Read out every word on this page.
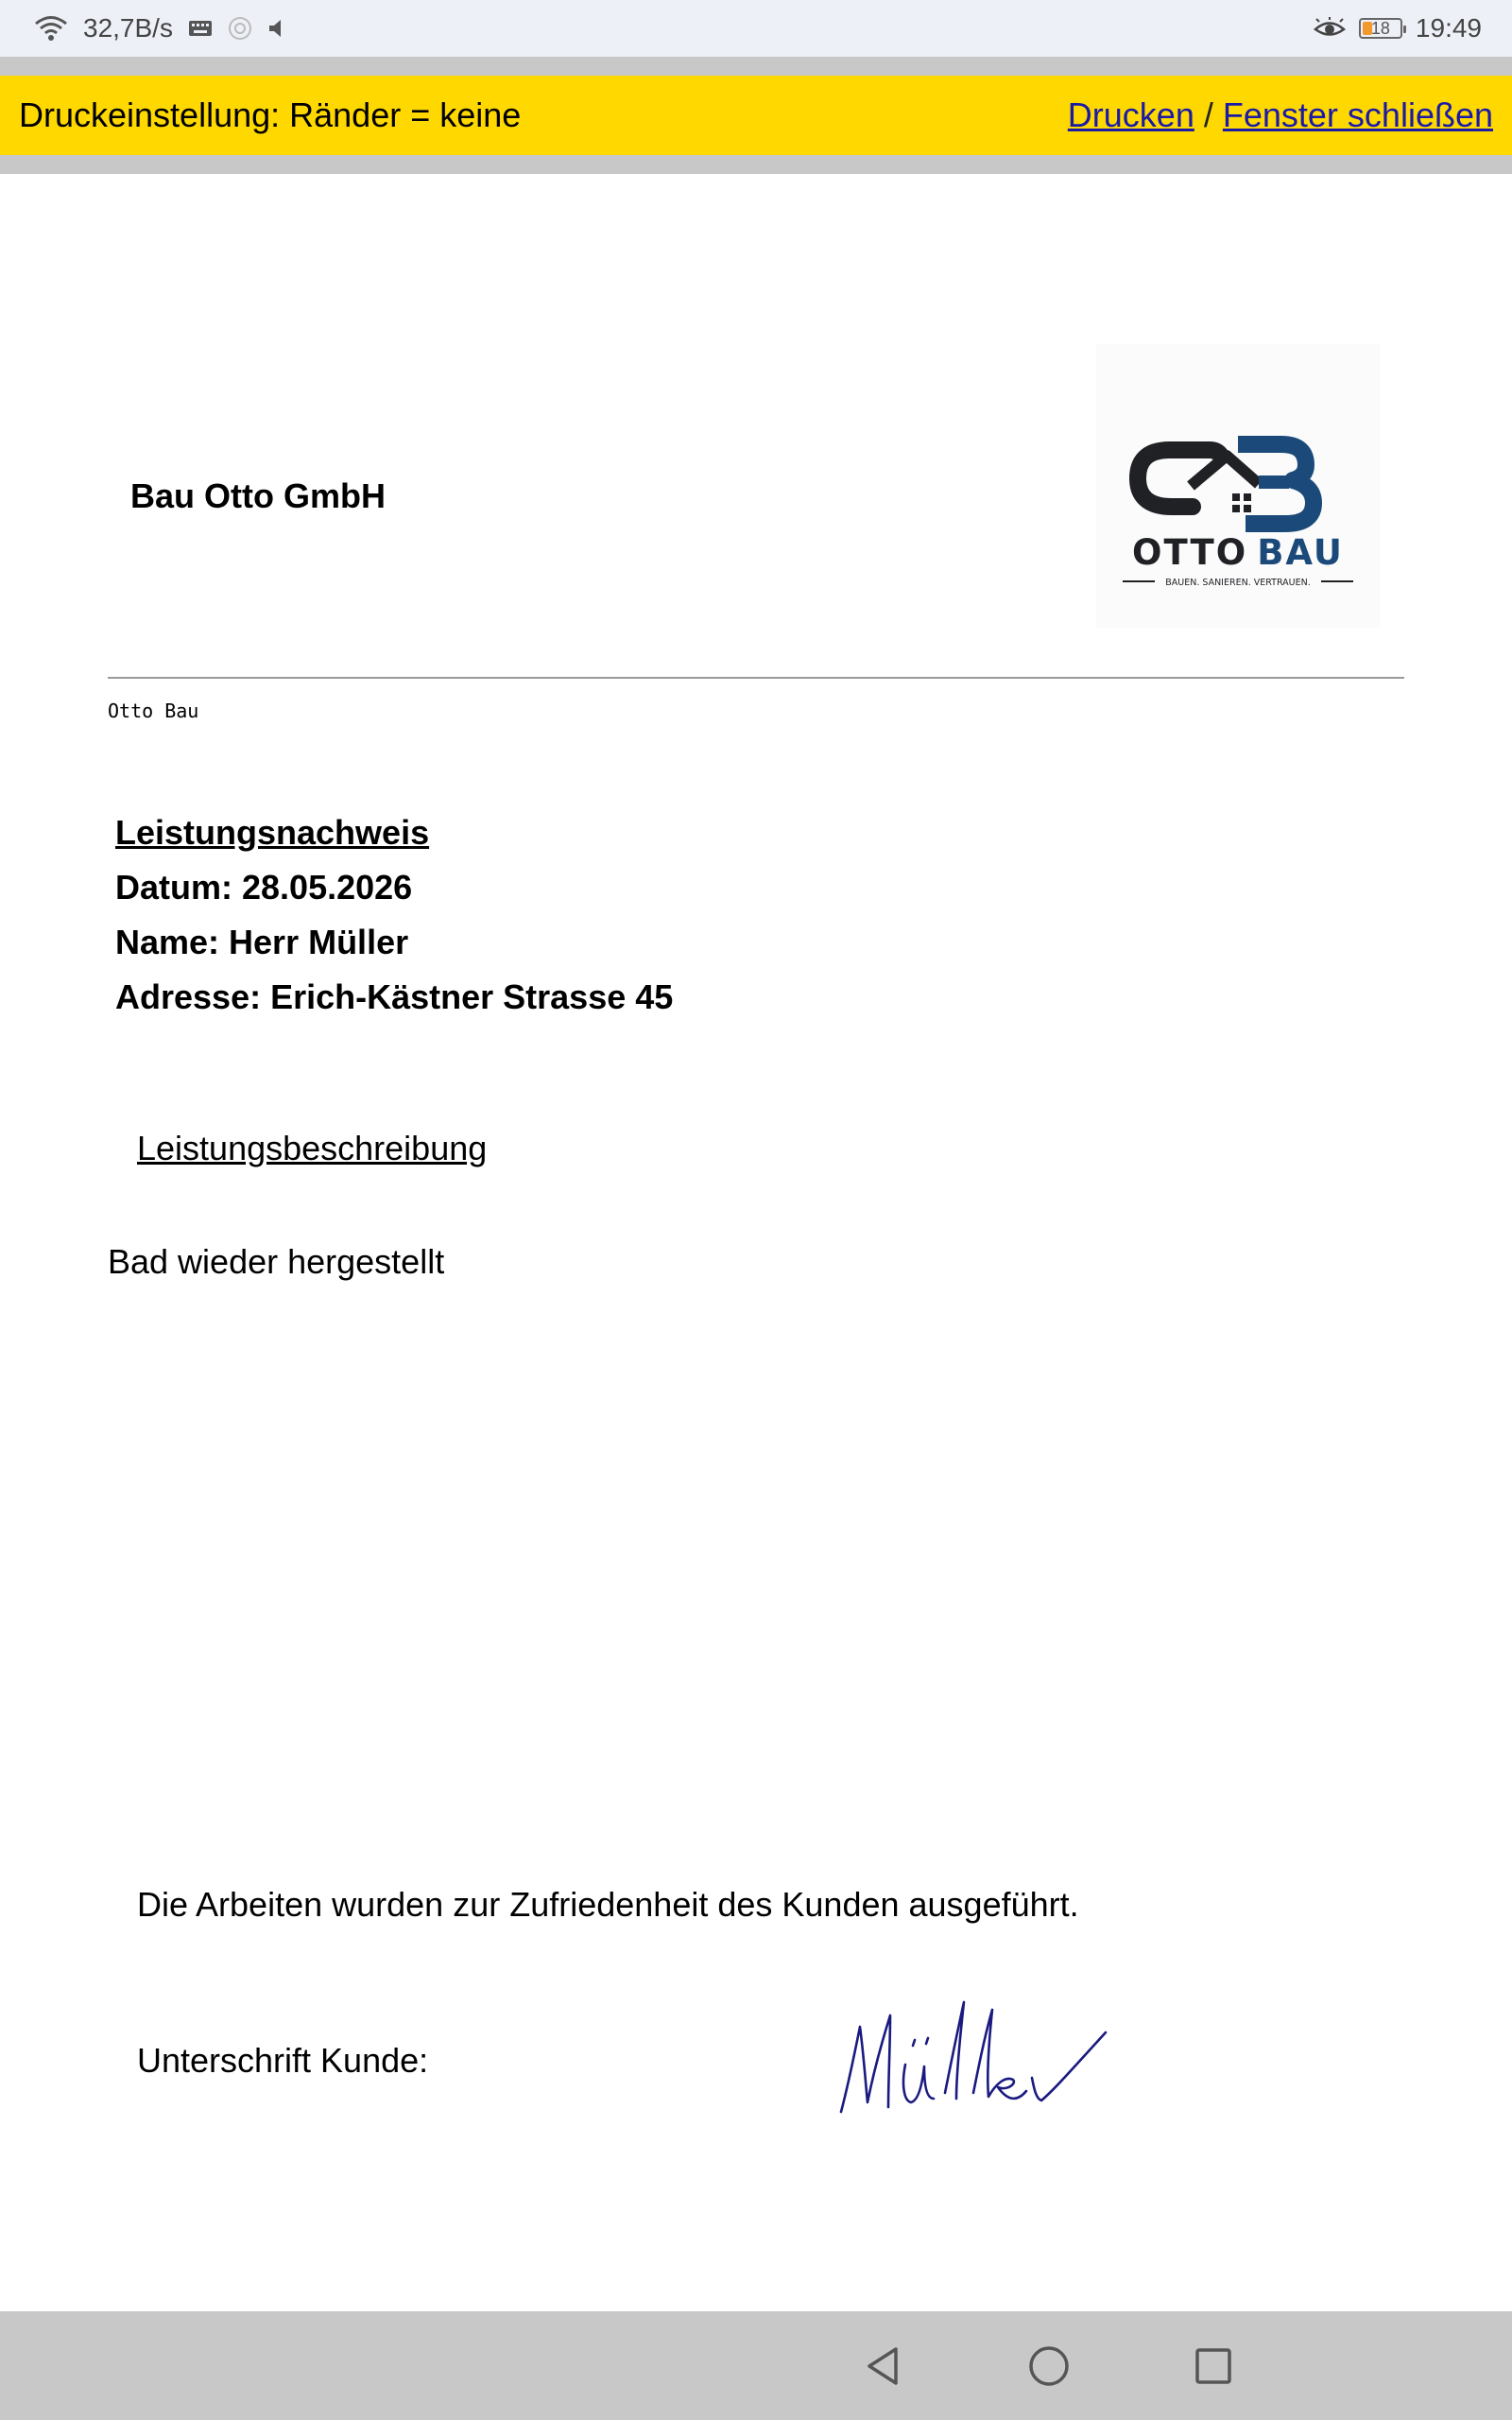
32,7B/s	18 19:49
Druckeinstellung: Ränder = keine	Drucken / Fenster schließen
Bau Otto GmbH
OTTO BAU
BAUEN. SANIEREN. VERTRAUEN.
Otto Bau
Leistungsnachweis
Datum: 28.05.2026
Name: Herr Müller
Adresse: Erich-Kästner Strasse 45
Leistungsbeschreibung
Bad wieder hergestellt
Die Arbeiten wurden zur Zufriedenheit des Kunden ausgeführt.
Unterschrift Kunde:
